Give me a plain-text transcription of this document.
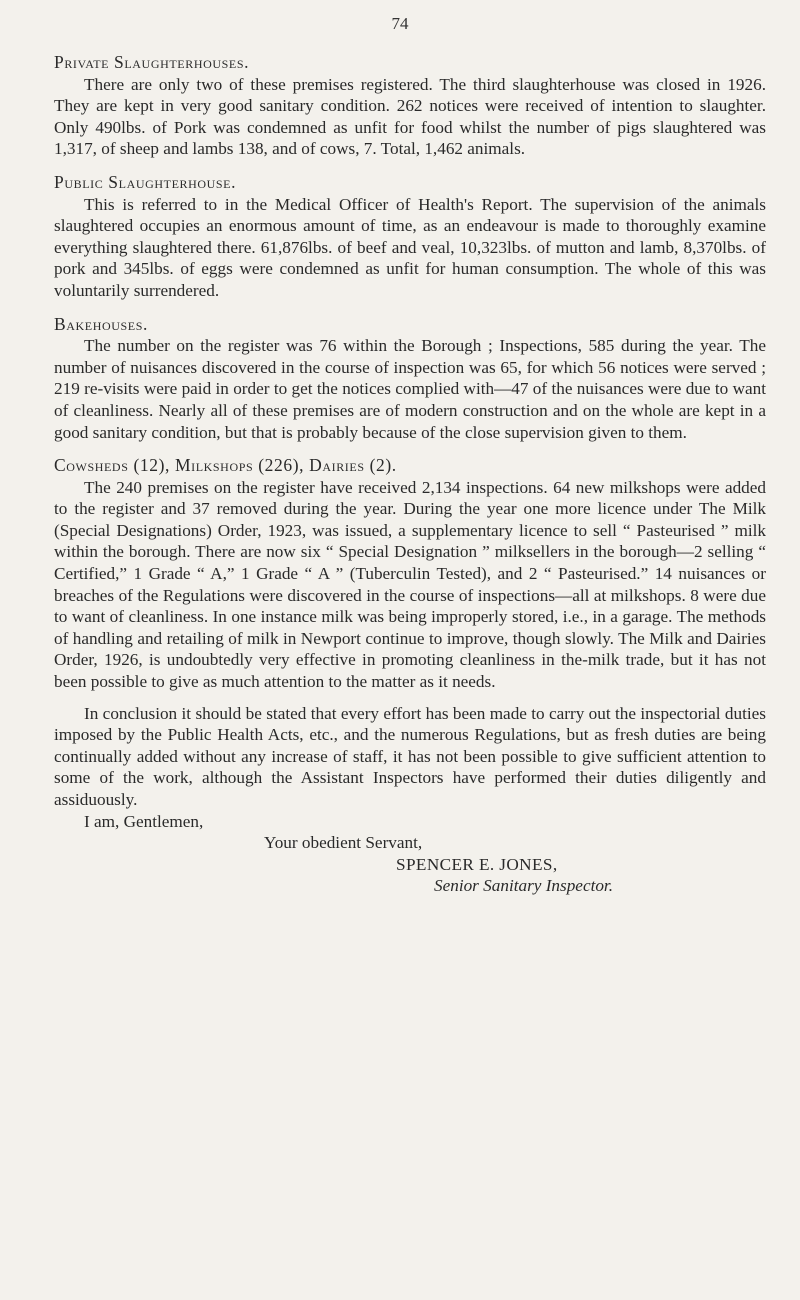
74

Private Slaughterhouses.

There are only two of these premises registered. The third slaughterhouse was closed in 1926. They are kept in very good sanitary condition. 262 notices were received of intention to slaughter. Only 490lbs. of Pork was condemned as unfit for food whilst the number of pigs slaughtered was 1,317, of sheep and lambs 138, and of cows, 7. Total, 1,462 animals.

Public Slaughterhouse.

This is referred to in the Medical Officer of Health's Report. The supervision of the animals slaughtered occupies an enormous amount of time, as an endeavour is made to thoroughly examine everything slaughtered there. 61,876lbs. of beef and veal, 10,323lbs. of mutton and lamb, 8,370lbs. of pork and 345lbs. of eggs were condemned as unfit for human consumption. The whole of this was voluntarily surrendered.

Bakehouses.

The number on the register was 76 within the Borough ; Inspections, 585 during the year. The number of nuisances discovered in the course of inspection was 65, for which 56 notices were served ; 219 re-visits were paid in order to get the notices complied with—47 of the nuisances were due to want of cleanliness. Nearly all of these premises are of modern construction and on the whole are kept in a good sanitary condition, but that is probably because of the close supervision given to them.

Cowsheds (12), Milkshops (226), Dairies (2).

The 240 premises on the register have received 2,134 inspections. 64 new milkshops were added to the register and 37 removed during the year. During the year one more licence under The Milk (Special Designations) Order, 1923, was issued, a supplementary licence to sell “ Pasteurised ” milk within the borough. There are now six “ Special Designation ” milksellers in the borough—2 selling “ Certified,” 1 Grade “ A,” 1 Grade “ A ” (Tuberculin Tested), and 2 “ Pasteurised.” 14 nuisances or breaches of the Regulations were discovered in the course of inspections—all at milkshops. 8 were due to want of cleanliness. In one instance milk was being improperly stored, i.e., in a garage. The methods of handling and retailing of milk in Newport continue to improve, though slowly. The Milk and Dairies Order, 1926, is undoubtedly very effective in promoting cleanliness in the-milk trade, but it has not been possible to give as much attention to the matter as it needs.

In conclusion it should be stated that every effort has been made to carry out the inspectorial duties imposed by the Public Health Acts, etc., and the numerous Regulations, but as fresh duties are being continually added without any increase of staff, it has not been possible to give sufficient attention to some of the work, although the Assistant Inspectors have performed their duties diligently and assiduously.

I am, Gentlemen,

Your obedient Servant,

SPENCER E. JONES,

Senior Sanitary Inspector.
